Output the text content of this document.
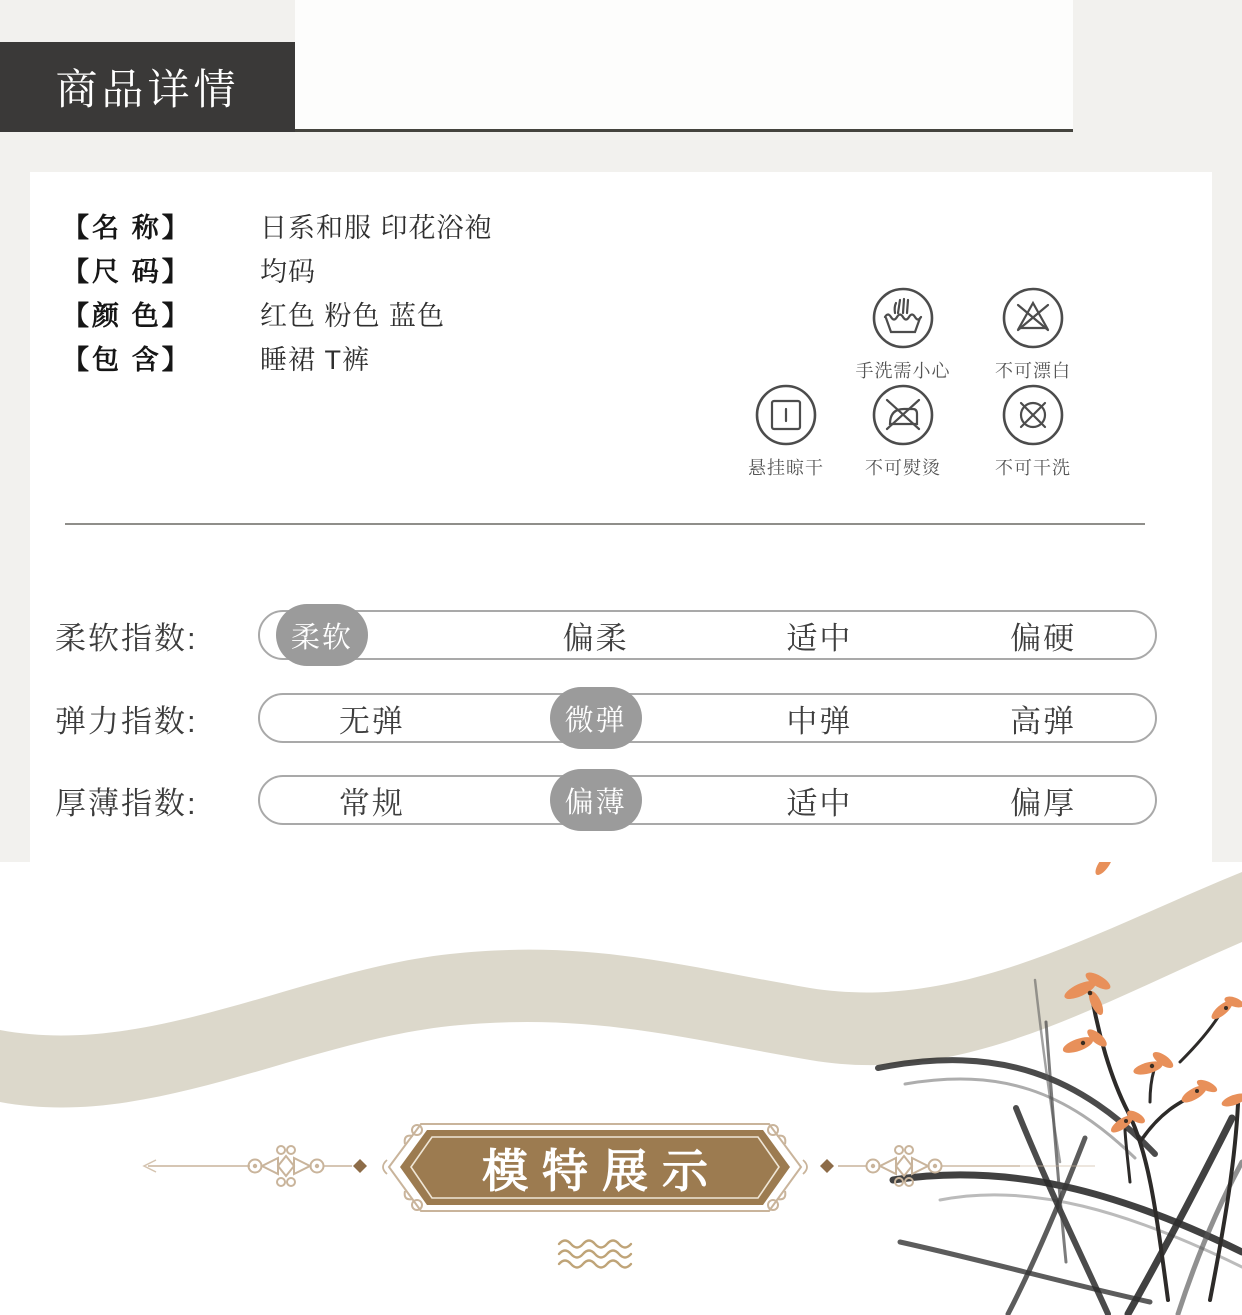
商品详情
【名 称】	日系和服 印花浴袍
【尺 码】	均码
【颜 色】	红色 粉色 蓝色
【包 含】	睡裙 T裤	手洗需小心 不可漂白
悬挂晾干 不可熨烫	不可干洗
柔软指数:	柔软	偏柔	适中	偏硬
弹力指数:	无弹	微弹	中弹	高弹
厚薄指数:	常规	偏薄	适中	偏厚
模特展示
